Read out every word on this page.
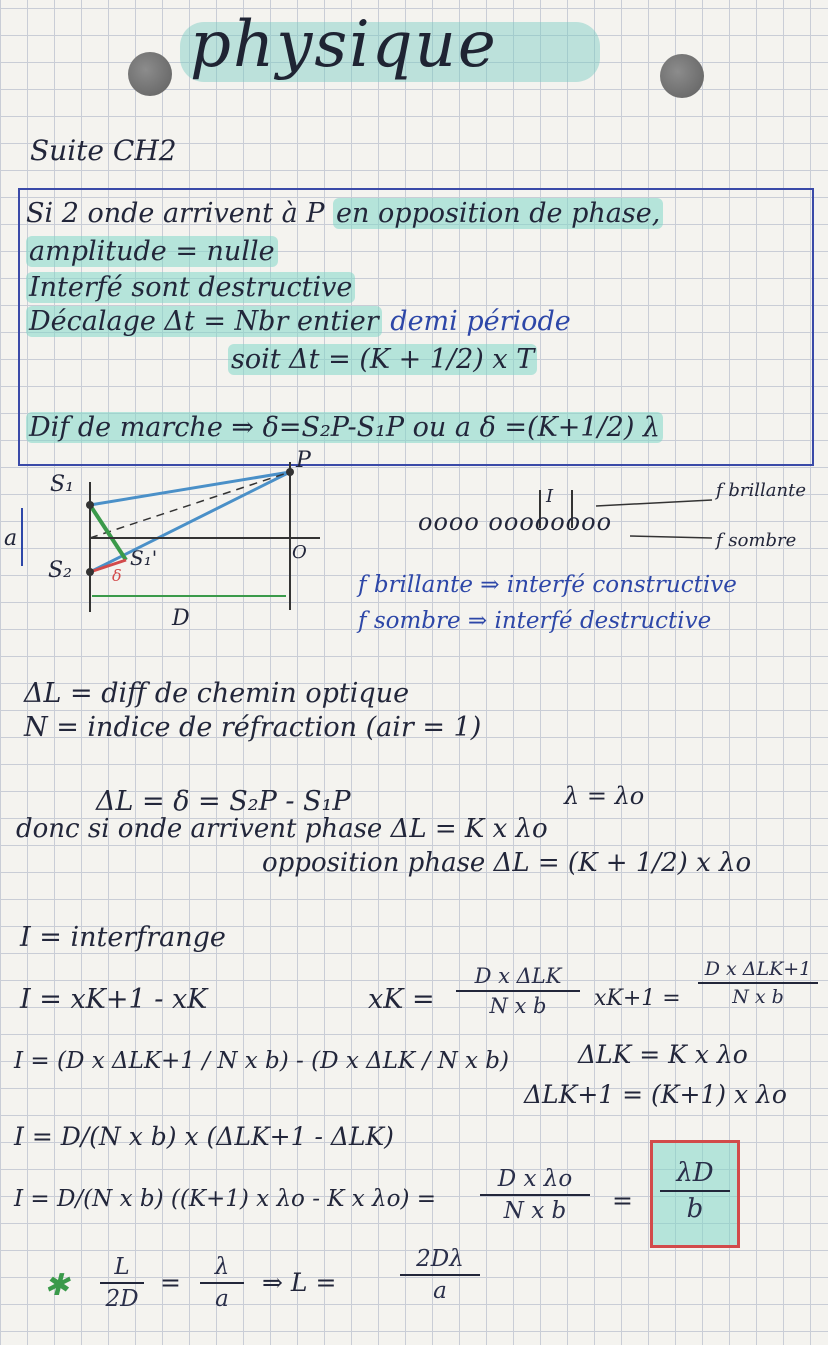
physique
Suite CH2
Si 2 onde arrivent à P en opposition de phase,
amplitude = nulle
Interfé sont destructive
Décalage Δt = Nbr entier demi période
soit Δt = (K + 1/2) x T
Dif de marche ⇒ δ=S₂P-S₁P ou a δ =(K+1/2) λ
S₁
S₂	S₁'
P
O
a
D
δ
I
oooo oooooooo
f brillante
f sombre
f brillante ⇒ interfé constructive
f sombre ⇒ interfé destructive
ΔL = diff de chemin optique
N = indice de réfraction (air = 1)
ΔL = δ = S₂P - S₁P	λ = λo
donc si onde arrivent phase ΔL = K x λo
opposition phase ΔL = (K + 1/2) x λo
I = interfrange
I = xK+1 - xK	xK =
D x ΔLK
N x b	xK+1 =
D x ΔLK+1
N x b
I = (D x ΔLK+1 / N x b) - (D x ΔLK / N x b)	ΔLK = K x λo
ΔLK+1 = (K+1) x λo
I = D/(N x b) x (ΔLK+1 - ΔLK)
I = D/(N x b) ((K+1) x λo - K x λo) =
D x λo
N x b	=
λD
b
✱
L
2D
=
λ
a
⇒ L =
2Dλ
a
